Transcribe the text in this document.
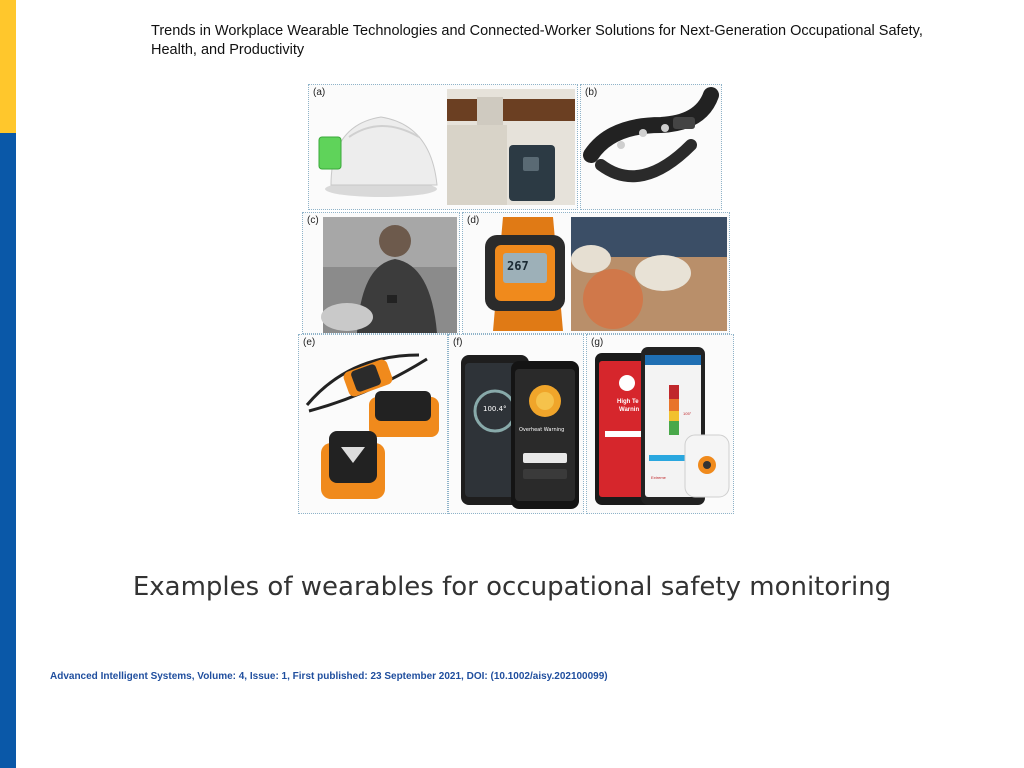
Trends in Workplace Wearable Technologies and Connected-Worker Solutions for Next-Generation Occupational Safety, Health, and Productivity
(a)	(b)
(c)
267
(d)
(e)
100.4°
Overheat Warning
(f)
High Te
Warnin
105°
Extreme
(g)
Examples of wearables for occupational safety monitoring
Advanced Intelligent Systems, Volume: 4, Issue: 1, First published: 23 September 2021, DOI: (10.1002/aisy.202100099)
